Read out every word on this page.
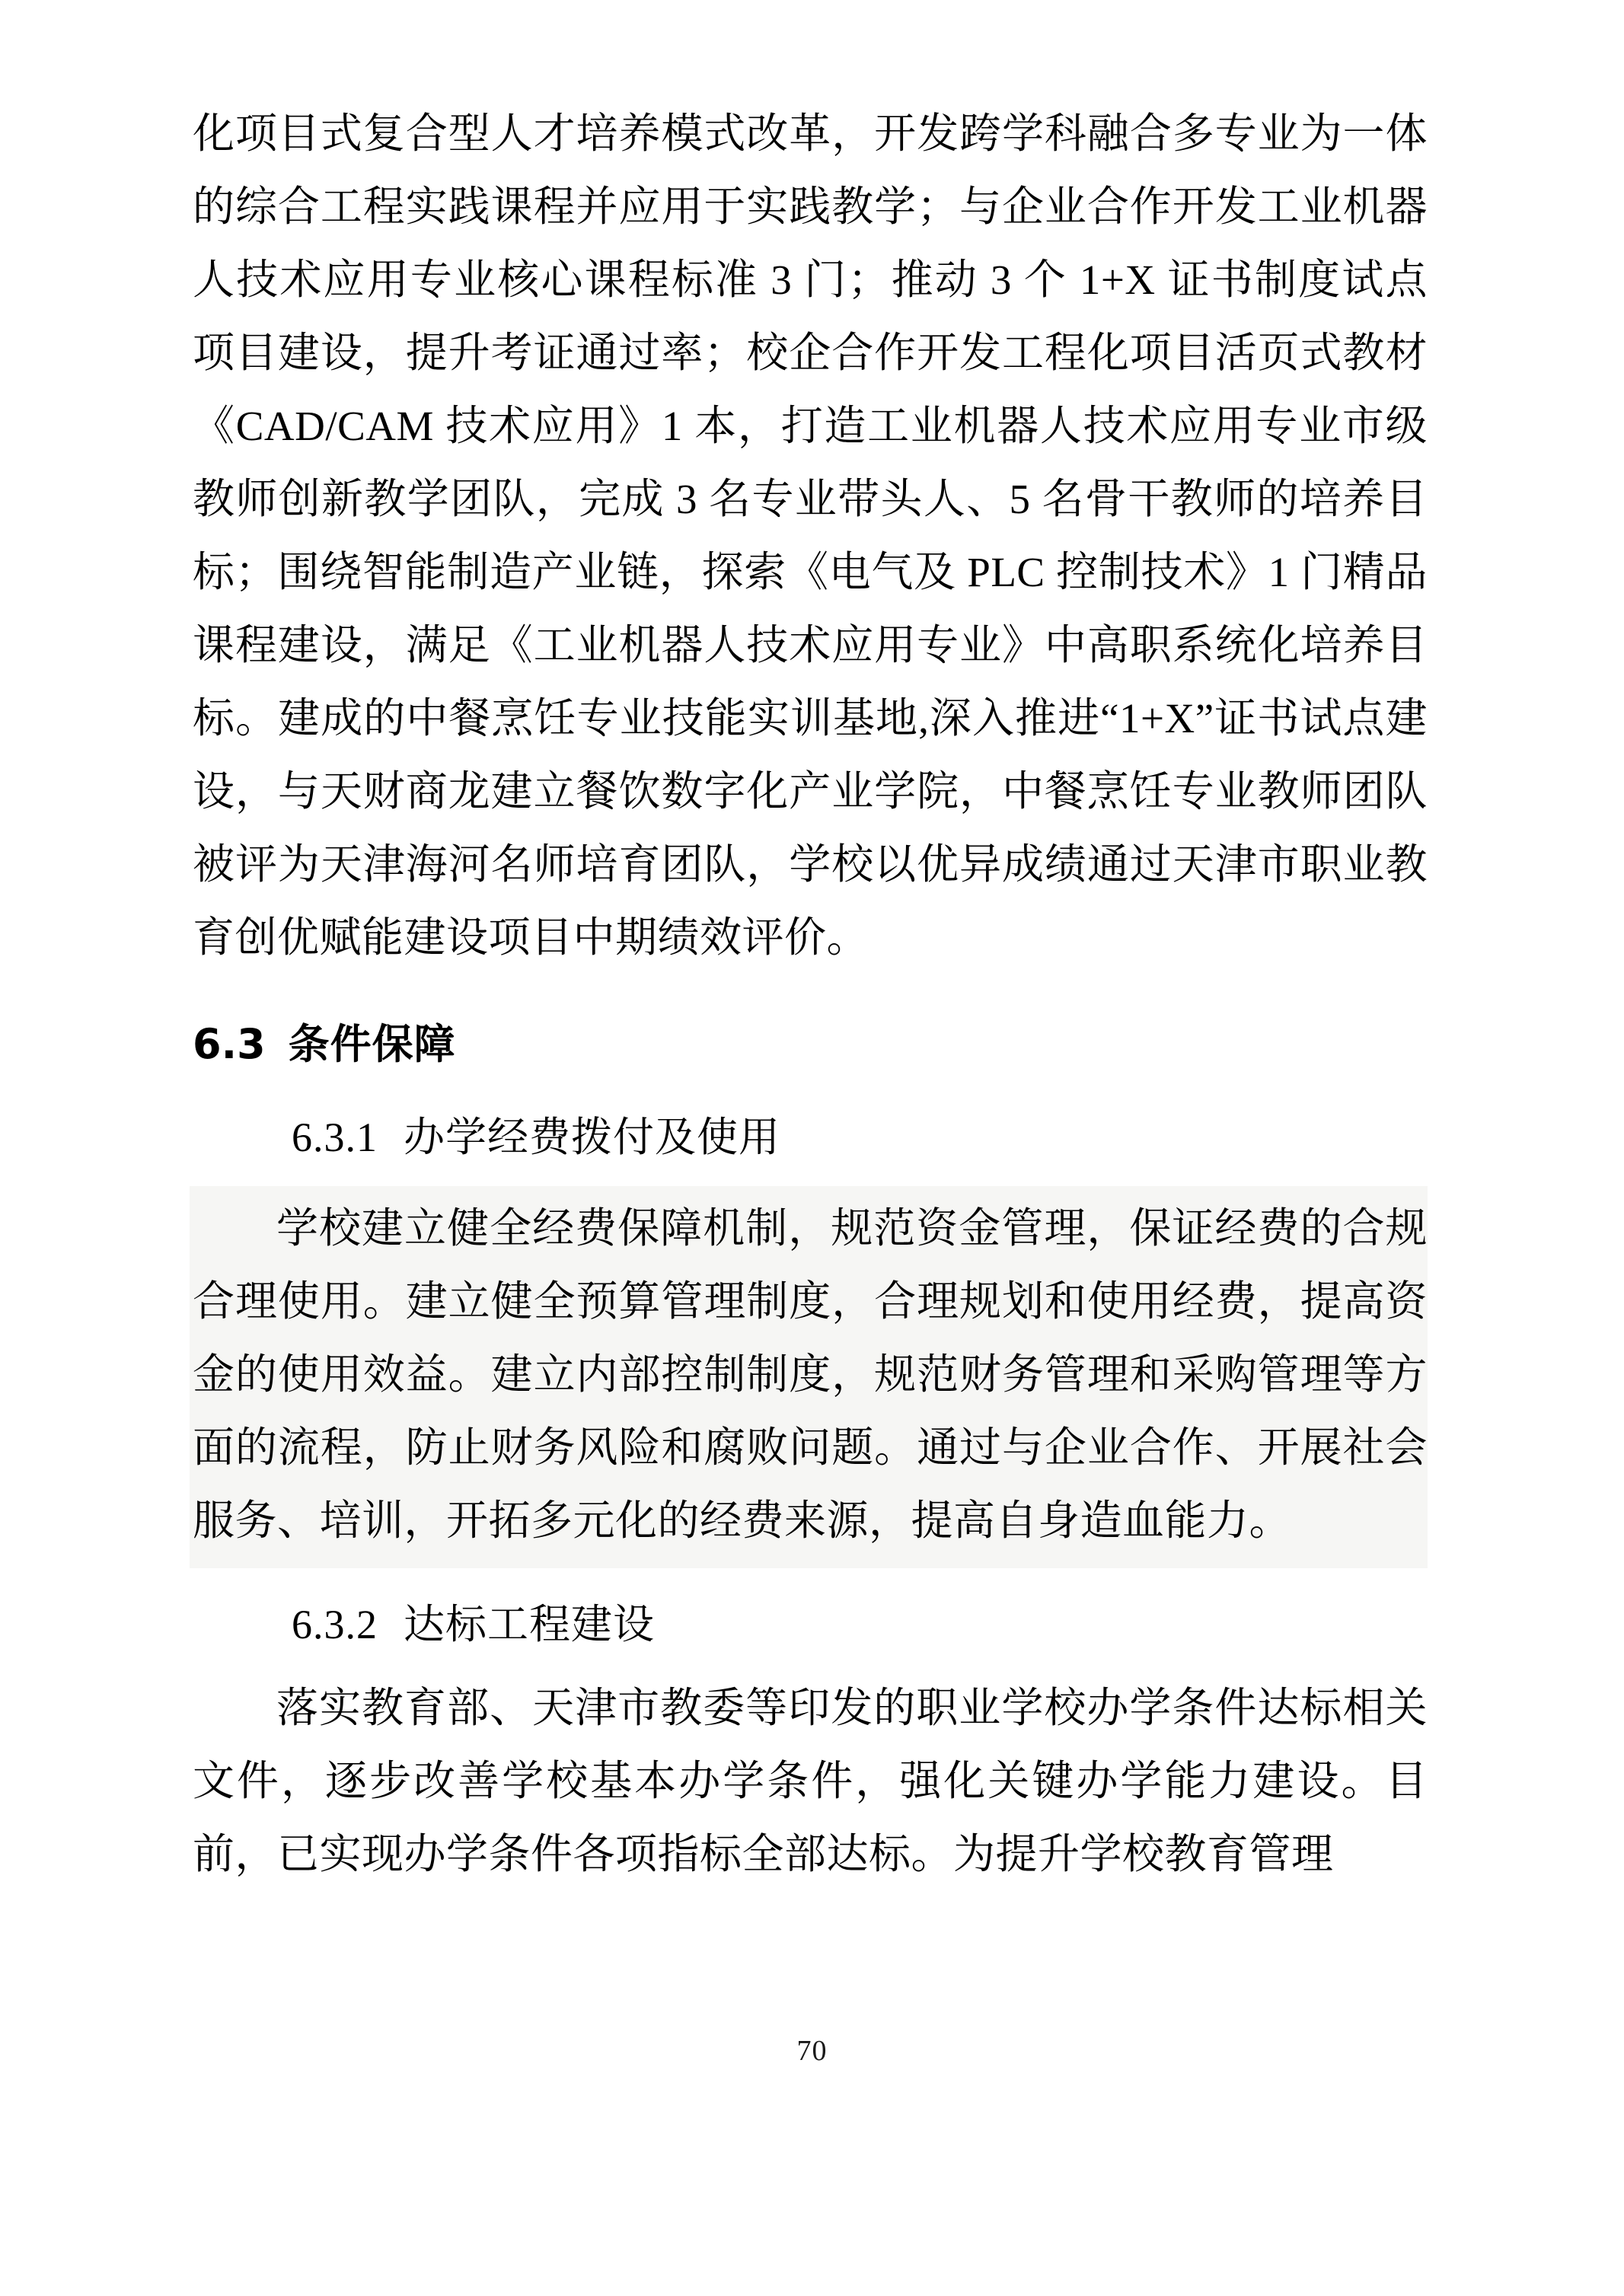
化项目式复合型人才培养模式改革，开发跨学科融合多专业为一体的综合工程实践课程并应用于实践教学；与企业合作开发工业机器人技术应用专业核心课程标准 3 门；推动 3 个 1+X 证书制度试点项目建设，提升考证通过率；校企合作开发工程化项目活页式教材《CAD/CAM 技术应用》1 本，打造工业机器人技术应用专业市级教师创新教学团队，完成 3 名专业带头人、5 名骨干教师的培养目标；围绕智能制造产业链，探索《电气及 PLC 控制技术》1 门精品课程建设，满足《工业机器人技术应用专业》中高职系统化培养目标。建成的中餐烹饪专业技能实训基地,深入推进“1+X”证书试点建设，与天财商龙建立餐饮数字化产业学院，中餐烹饪专业教师团队被评为天津海河名师培育团队，学校以优异成绩通过天津市职业教育创优赋能建设项目中期绩效评价。

6.3 条件保障
6.3.1 办学经费拨付及使用

学校建立健全经费保障机制，规范资金管理，保证经费的合规合理使用。建立健全预算管理制度，合理规划和使用经费，提高资金的使用效益。建立内部控制制度，规范财务管理和采购管理等方面的流程，防止财务风险和腐败问题。通过与企业合作、开展社会服务、培训，开拓多元化的经费来源，提高自身造血能力。

6.3.2 达标工程建设

落实教育部、天津市教委等印发的职业学校办学条件达标相关文件，逐步改善学校基本办学条件，强化关键办学能力建设。目前，已实现办学条件各项指标全部达标。为提升学校教育管理

70
